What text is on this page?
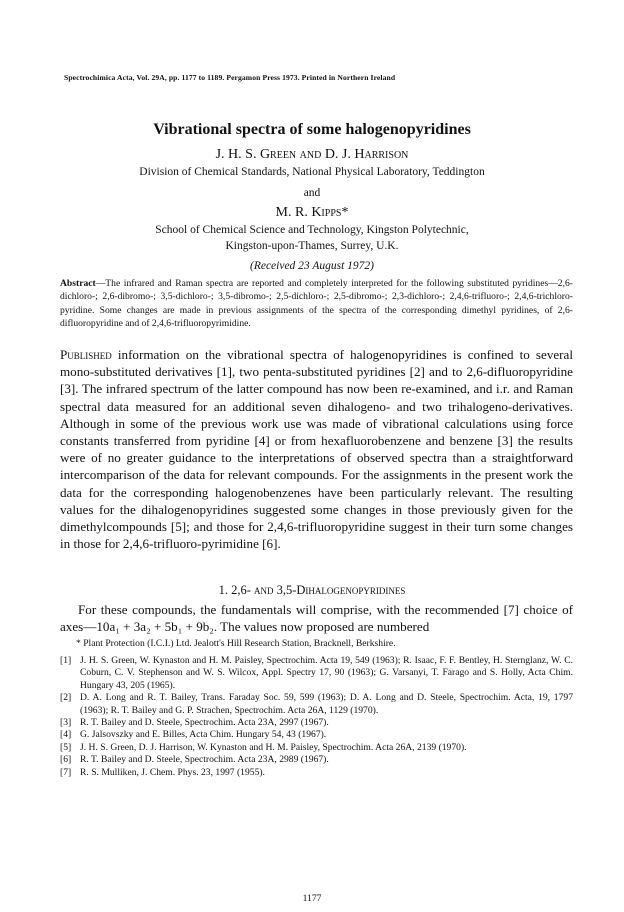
Spectrochimica Acta, Vol. 29A, pp. 1177 to 1189. Pergamon Press 1973. Printed in Northern Ireland
Vibrational spectra of some halogenopyridines
J. H. S. Green and D. J. Harrison
Division of Chemical Standards, National Physical Laboratory, Teddington
and
M. R. Kipps*
School of Chemical Science and Technology, Kingston Polytechnic,
Kingston-upon-Thames, Surrey, U.K.
(Received 23 August 1972)
Abstract—The infrared and Raman spectra are reported and completely interpreted for the following substituted pyridines—2,6-dichloro-; 2,6-dibromo-; 3,5-dichloro-; 3,5-dibromo-; 2,5-dichloro-; 2,5-dibromo-; 2,3-dichloro-; 2,4,6-trifluoro-; 2,4,6-trichloro-pyridine. Some changes are made in previous assignments of the spectra of the corresponding dimethyl pyridines, of 2,6-difluoropyridine and of 2,4,6-trifluoropyrimidine.

Published information on the vibrational spectra of halogenopyridines is confined to several mono-substituted derivatives [1], two penta-substituted pyridines [2] and to 2,6-difluoropyridine [3]. The infrared spectrum of the latter compound has now been re-examined, and i.r. and Raman spectral data measured for an additional seven dihalogeno- and two trihalogeno-derivatives. Although in some of the previous work use was made of vibrational calculations using force constants transferred from pyridine [4] or from hexafluorobenzene and benzene [3] the results were of no greater guidance to the interpretations of observed spectra than a straightforward intercomparison of the data for relevant compounds. For the assignments in the present work the data for the corresponding halogenobenzenes have been particularly relevant. The resulting values for the dihalogenopyridines suggested some changes in those previously given for the dimethylcompounds [5]; and those for 2,4,6-trifluoropyridine suggest in their turn some changes in those for 2,4,6-trifluoro-pyrimidine [6].

1. 2,6- and 3,5-Dihalogenopyridines

For these compounds, the fundamentals will comprise, with the recommended [7] choice of axes—10a₁ + 3a₂ + 5b₁ + 9b₂. The values now proposed are numbered

* Plant Protection (I.C.I.) Ltd. Jealott's Hill Research Station, Bracknell, Berkshire.
[1] J. H. S. Green, W. Kynaston and H. M. Paisley, Spectrochim. Acta 19, 549 (1963); R. Isaac, F. F. Bentley, H. Sternglanz, W. C. Coburn, C. V. Stephenson and W. S. Wilcox, Appl. Spectry 17, 90 (1963); G. Varsanyi, T. Farago and S. Holly, Acta Chim. Hungary 43, 205 (1965).
[2] D. A. Long and R. T. Bailey, Trans. Faraday Soc. 59, 599 (1963); D. A. Long and D. Steele, Spectrochim. Acta, 19, 1797 (1963); R. T. Bailey and G. P. Strachen, Spectrochim. Acta 26A, 1129 (1970).
[3] R. T. Bailey and D. Steele, Spectrochim. Acta 23A, 2997 (1967).
[4] G. Jalsovszky and E. Billes, Acta Chim. Hungary 54, 43 (1967).
[5] J. H. S. Green, D. J. Harrison, W. Kynaston and H. M. Paisley, Spectrochim. Acta 26A, 2139 (1970).
[6] R. T. Bailey and D. Steele, Spectrochim. Acta 23A, 2989 (1967).
[7] R. S. Mulliken, J. Chem. Phys. 23, 1997 (1955).
1177
